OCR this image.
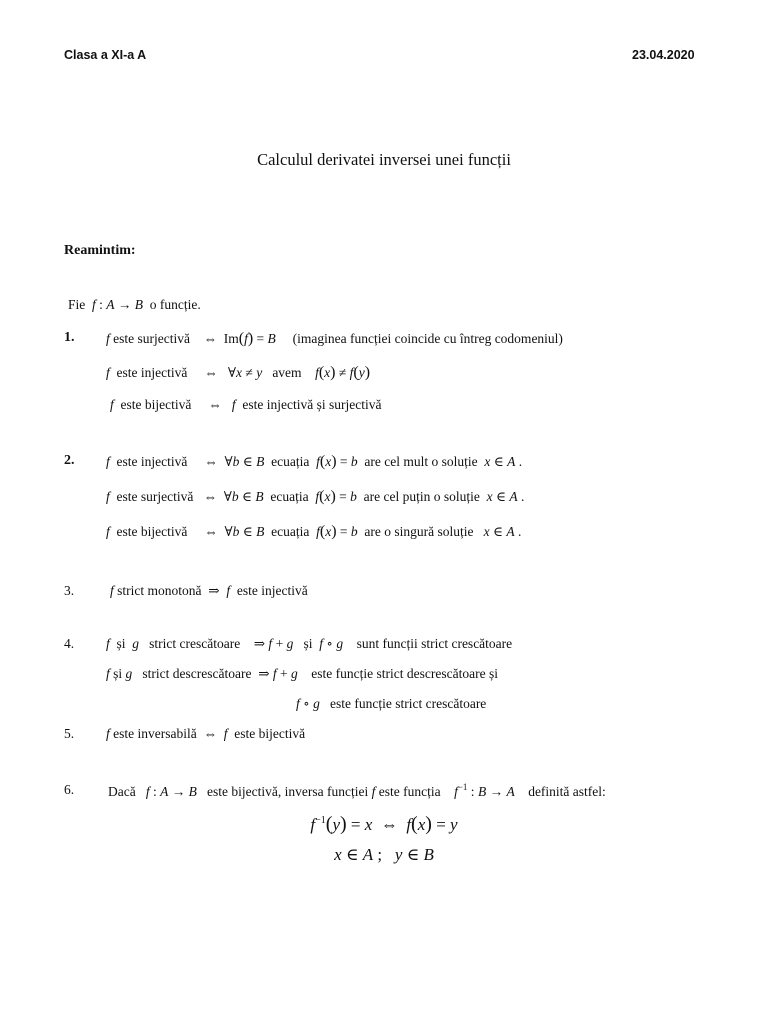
Clasa a XI-a A	23.04.2020
Calculul derivatei inversei unei funcții
Reamintim:
Fie f : A → B o funcție.
1. f este surjectivă    ⇔  Im(f) = B (imaginea funcției coincide cu întreg codomeniul)
f este injectivă     ⇔   ∀x ≠ y avem f(x) ≠ f(y)
f este bijectivă     ⇔   f este injectivă și surjectivă
2. f este injectivă     ⇔  ∀b ∈ B ecuația f(x) = b are cel mult o soluție x ∈ A .
f este surjectivă   ⇔  ∀b ∈ B ecuația f(x) = b are cel puțin o soluție x ∈ A .
f este bijectivă     ⇔  ∀b ∈ B ecuația f(x) = b are o singură soluție x ∈ A .
3.	f strict monotonă  ⇒  f este injectivă
4. f și g strict crescătoare    ⇒ f + g și f ∘ g sunt funcții strict crescătoare
f și g strict descrescătoare  ⇒ f + g este funcție strict descrescătoare și
f ∘ g este funcție strict crescătoare
5. f este inversabilă  ⇔  f este bijectivă
6.	Dacă f : A → B este bijectivă, inversa funcției f este funcția $f^{-1}$ : B → A definită astfel:
$f^{-1}(y) = x$  ⇔  f(x) = y
x ∈ A ;   y ∈ B
